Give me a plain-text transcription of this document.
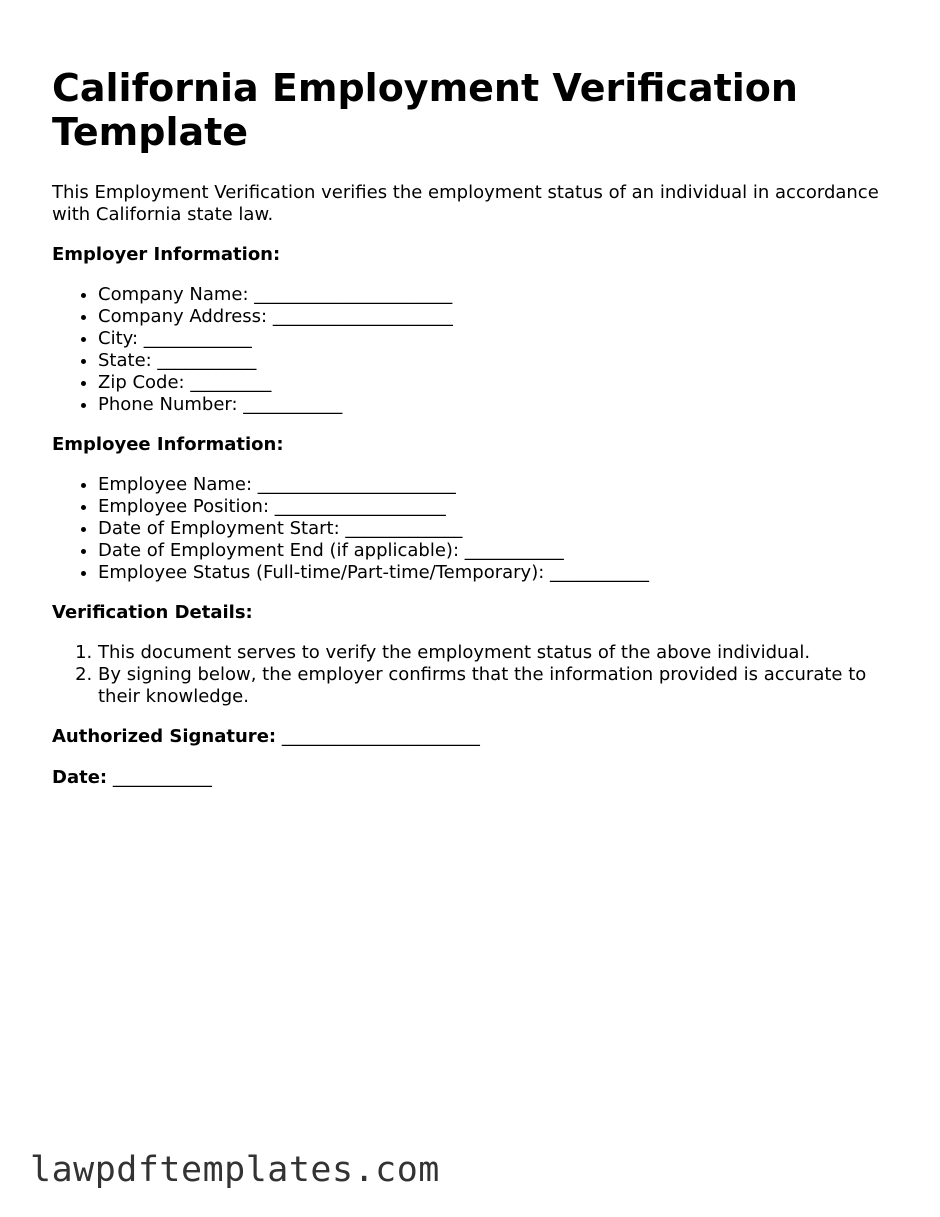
California Employment Verification Template

This Employment Verification verifies the employment status of an individual in accordance with California state law.

Employer Information:
• Company Name: ______________________
• Company Address: ____________________
• City: ____________
• State: ___________
• Zip Code: _________
• Phone Number: ___________
Employee Information:
• Employee Name: ______________________
• Employee Position: ___________________
• Date of Employment Start: _____________
• Date of Employment End (if applicable): ___________
• Employee Status (Full-time/Part-time/Temporary): ___________
Verification Details:
1. This document serves to verify the employment status of the above individual.
2. By signing below, the employer confirms that the information provided is accurate to their knowledge.
Authorized Signature: ______________________
Date: ___________
lawpdftemplates.com
